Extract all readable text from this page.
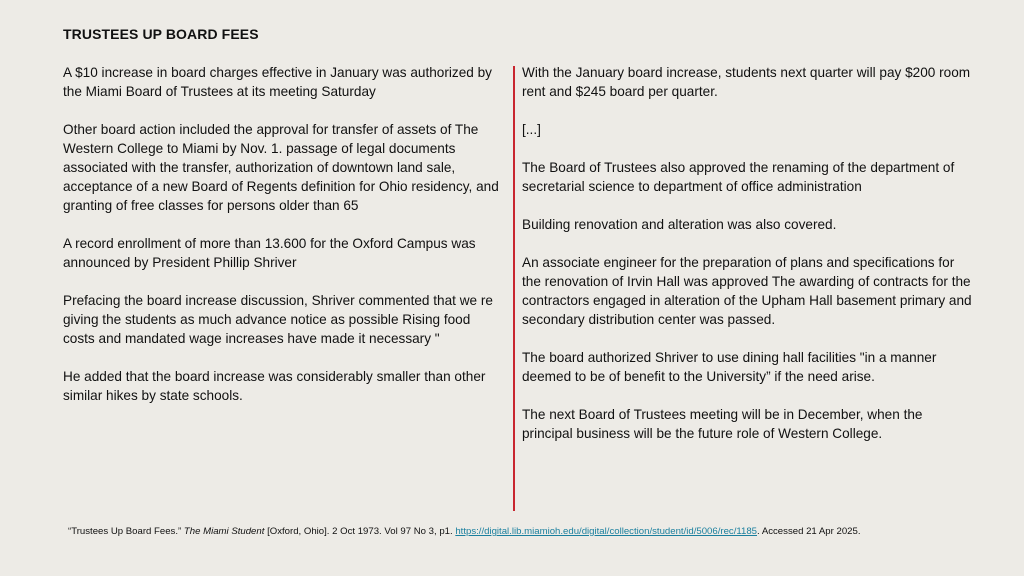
TRUSTEES UP BOARD FEES

A $10 increase in board charges effective in January was authorized by the Miami Board of Trustees at its meeting Saturday

Other board action included the approval for transfer of assets of The Western College to Miami by Nov. 1. passage of legal documents associated with the transfer, authorization of downtown land sale, acceptance of a new Board of Regents definition for Ohio residency, and granting of free classes for persons older than 65

A record enrollment of more than 13.600 for the Oxford Campus was announced by President Phillip Shriver

Prefacing the board increase discussion, Shriver commented that we re giving the students as much advance notice as possible Rising food costs and mandated wage increases have made it necessary "

He added that the board increase was considerably smaller than other similar hikes by state schools.

With the January board increase, students next quarter will pay $200 room rent and $245 board per quarter.

[...]

The Board of Trustees also approved the renaming of the department of secretarial science to department of office administration

Building renovation and alteration was also covered.

An associate engineer for the preparation of plans and specifications for the renovation of Irvin Hall was approved The awarding of contracts for the contractors engaged in alteration of the Upham Hall basement primary and secondary distribution center was passed.

The board authorized Shriver to use dining hall facilities "in a manner deemed to be of benefit to the University” if the need arise.

The next Board of Trustees meeting will be in December, when the principal business will be the future role of Western College.

“Trustees Up Board Fees.” The Miami Student [Oxford, Ohio]. 2 Oct 1973. Vol 97 No 3, p1. https://digital.lib.miamioh.edu/digital/collection/student/id/5006/rec/1185. Accessed 21 Apr 2025.
